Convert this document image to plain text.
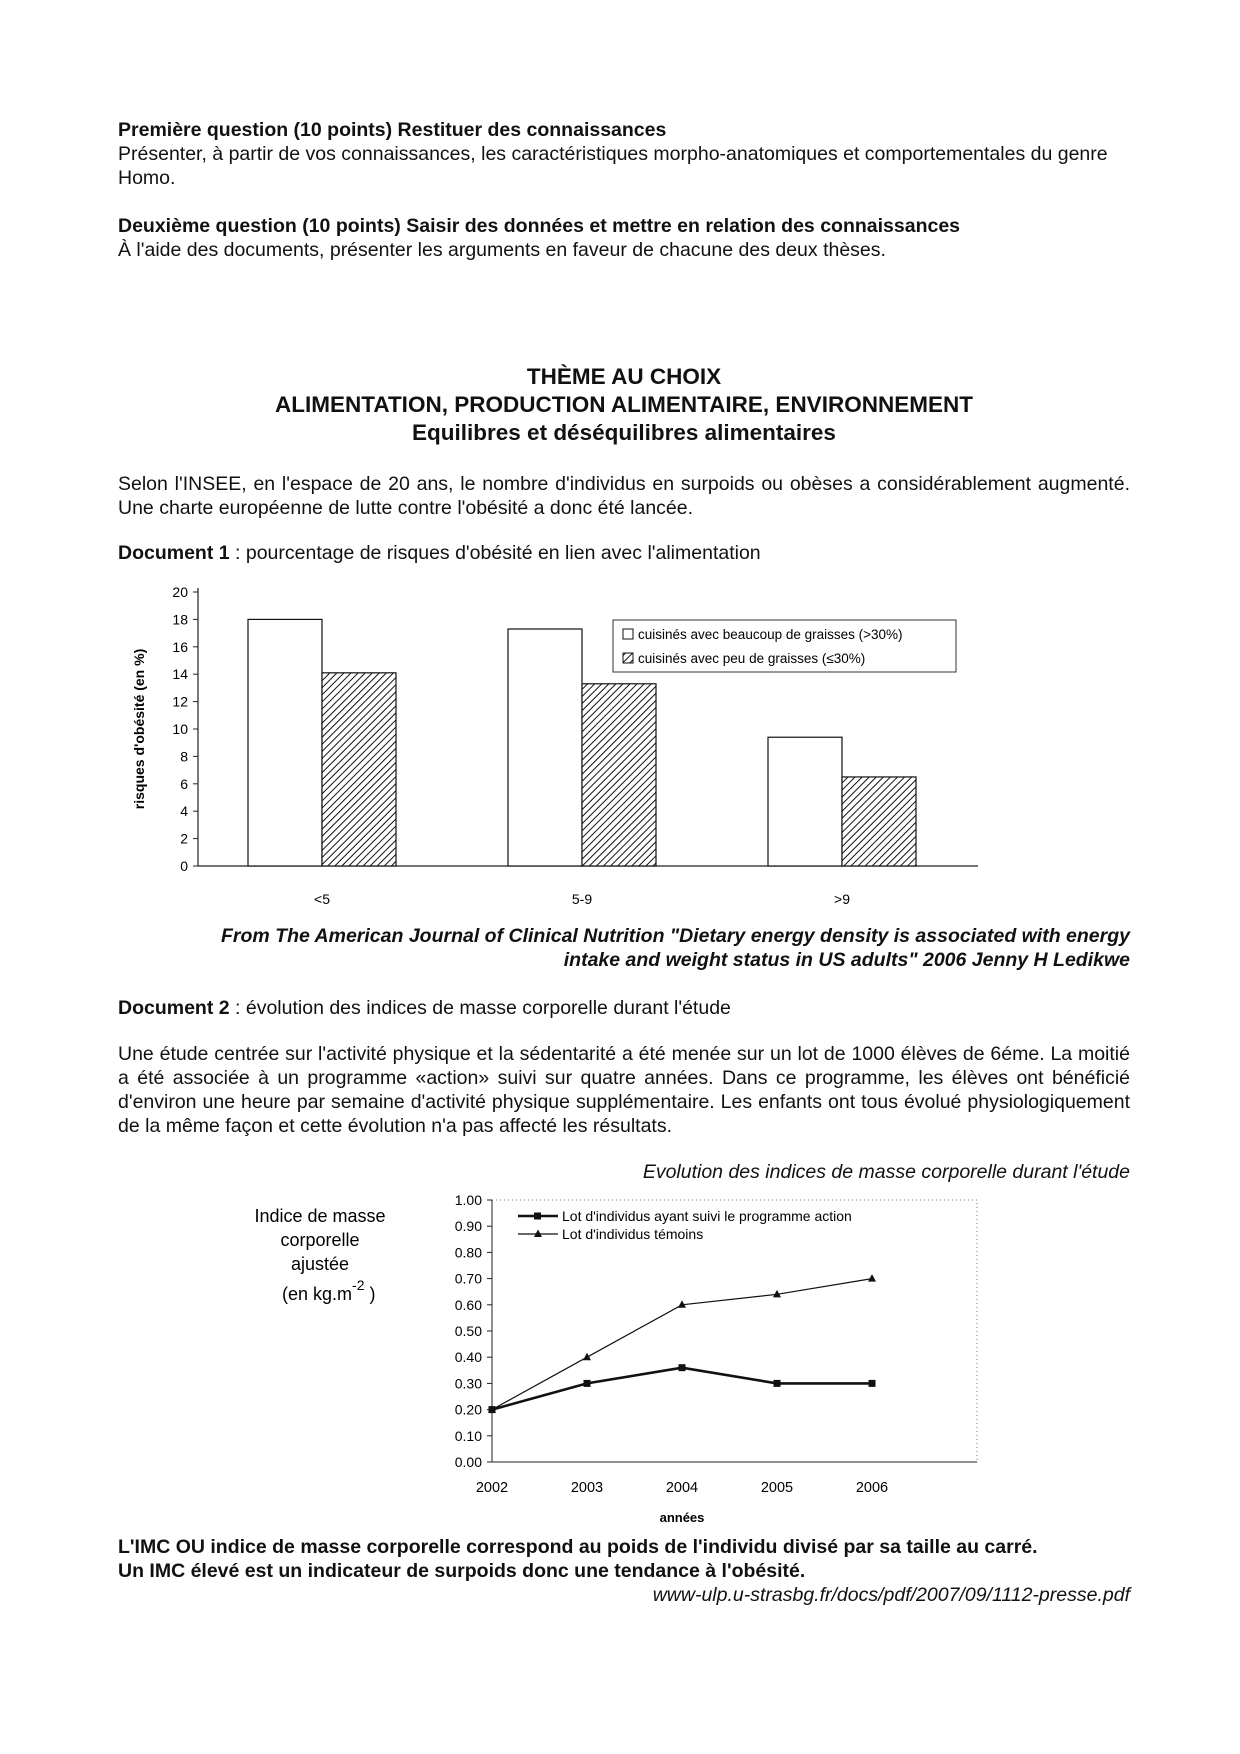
Première question (10 points) Restituer des connaissances
Présenter, à partir de vos connaissances, les caractéristiques morpho-anatomiques et comportementales du genre Homo.
Deuxième question (10 points) Saisir des données et mettre en relation des connaissances
À l'aide des documents, présenter les arguments en faveur de chacune des deux thèses.
THÈME AU CHOIX
ALIMENTATION, PRODUCTION ALIMENTAIRE, ENVIRONNEMENT
Equilibres et déséquilibres alimentaires
Selon l'INSEE, en l'espace de 20 ans, le nombre d'individus en surpoids ou obèses a considérablement augmenté. Une charte européenne de lutte contre l'obésité a donc été lancée.
Document 1 : pourcentage de risques d'obésité en lien avec l'alimentation
0
2
4
6
8
10
12
14
16
18
20
risques d'obésité (en %)
<5	5-9	>9
cuisinés avec beaucoup de graisses (>30%)
cuisinés avec peu de graisses (≤30%)
From The American Journal of Clinical Nutrition "Dietary energy density is associated with energy
intake and weight status in US adults" 2006 Jenny H Ledikwe
Document 2 : évolution des indices de masse corporelle durant l'étude
Une étude centrée sur l'activité physique et la sédentarité a été menée sur un lot de 1000 élèves de 6éme. La moitié a été associée à un programme «action» suivi sur quatre années. Dans ce programme, les élèves ont bénéficié d'environ une heure par semaine d'activité physique supplémentaire. Les enfants ont tous évolué physiologiquement de la même façon et cette évolution n'a pas affecté les résultats.
Evolution des indices de masse corporelle durant l'étude
0.00
0.10
0.20
0.30
0.40
0.50
0.60
0.70
0.80
0.90
1.00
2002	2003	2004	2005	2006
années
Indice de masse
corporelle
ajustée
(en $kg.m^{-2}$ )
Lot d'individus ayant suivi le programme action
Lot d'individus témoins
L'IMC OU indice de masse corporelle correspond au poids de l'individu divisé par sa taille au carré.
Un IMC élevé est un indicateur de surpoids donc une tendance à l'obésité.
www-ulp.u-strasbg.fr/docs/pdf/2007/09/1112-presse.pdf
